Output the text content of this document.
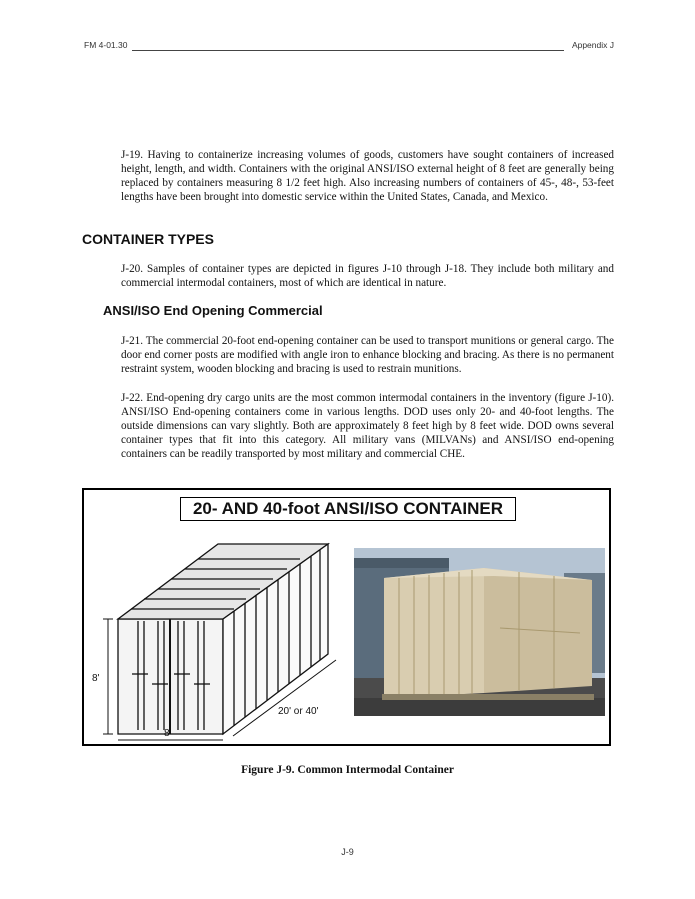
FM 4-01.30	Appendix J

J-19. Having to containerize increasing volumes of goods, customers have sought containers of increased height, length, and width. Containers with the original ANSI/ISO external height of 8 feet are generally being replaced by containers measuring 8 1/2 feet high. Also increasing numbers of containers of 45-, 48-, 53-feet lengths have been brought into domestic service within the United States, Canada, and Mexico.

CONTAINER TYPES

J-20. Samples of container types are depicted in figures J-10 through J-18. They include both military and commercial intermodal containers, most of which are identical in nature.

ANSI/ISO End Opening Commercial

J-21. The commercial 20-foot end-opening container can be used to transport munitions or general cargo. The door end corner posts are modified with angle iron to enhance blocking and bracing. As there is no permanent restraint system, wooden blocking and bracing is used to restrain munitions.

J-22. End-opening dry cargo units are the most common intermodal containers in the inventory (figure J-10). ANSI/ISO End-opening containers come in various lengths. DOD uses only 20- and 40-foot lengths. The outside dimensions can vary slightly. Both are approximately 8 feet high by 8 feet wide. DOD owns several container types that fit into this category. All military vans (MILVANs) and ANSI/ISO end-opening containers can be readily transported by most military and commercial CHE.

20- AND 40-foot ANSI/ISO CONTAINER
8'
8'
20' or 40'

Figure J-9. Common Intermodal Container

J-9
